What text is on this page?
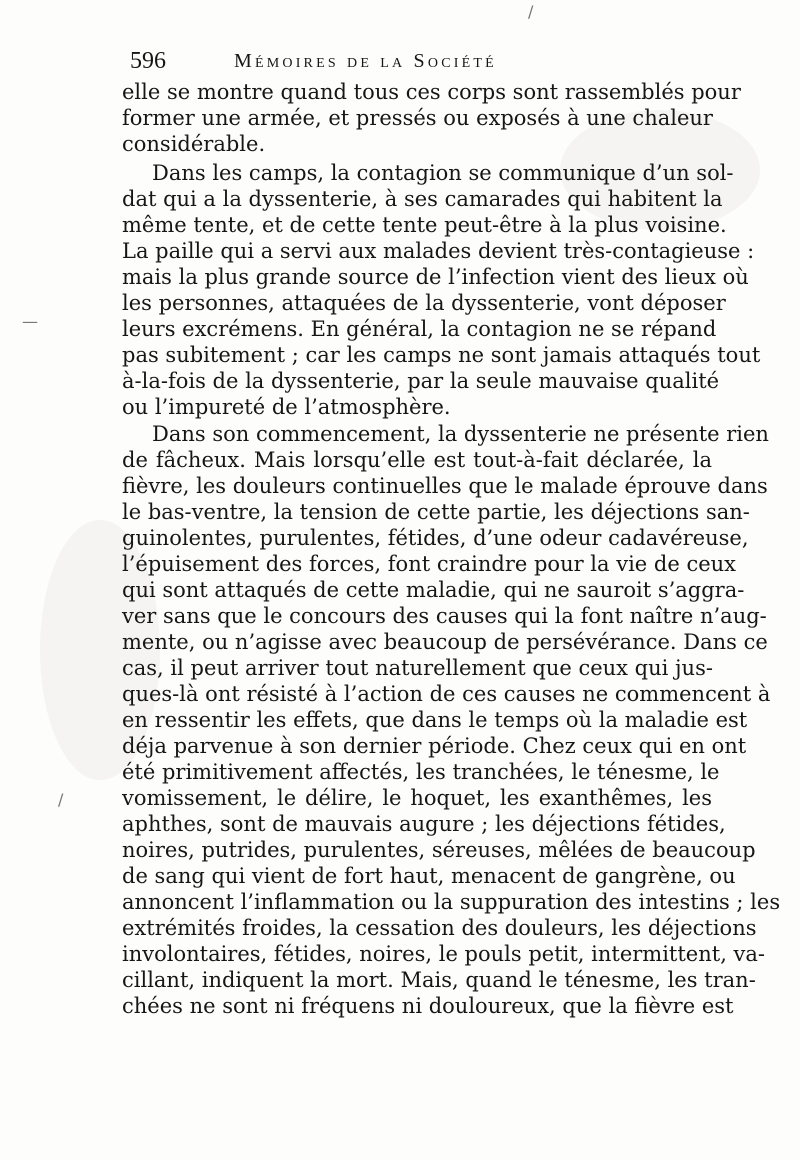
—
/
/
596	Mémoires de la Société
elle se montre quand tous ces corps sont rassemblés pour
former une armée, et pressés ou exposés à une chaleur
considérable.
Dans les camps, la contagion se communique d’un sol-
dat qui a la dyssenterie, à ses camarades qui habitent la
même tente, et de cette tente peut-être à la plus voisine.
La paille qui a servi aux malades devient très-contagieuse :
mais la plus grande source de l’infection vient des lieux où
les personnes, attaquées de la dyssenterie, vont déposer
leurs excrémens. En général, la contagion ne se répand
pas subitement ; car les camps ne sont jamais attaqués tout
à-la-fois de la dyssenterie, par la seule mauvaise qualité
ou l’impureté de l’atmosphère.
Dans son commencement, la dyssenterie ne présente rien
de fâcheux. Mais lorsqu’elle est tout-à-fait déclarée, la
fièvre, les douleurs continuelles que le malade éprouve dans
le bas-ventre, la tension de cette partie, les déjections san-
guinolentes, purulentes, fétides, d’une odeur cadavéreuse,
l’épuisement des forces, font craindre pour la vie de ceux
qui sont attaqués de cette maladie, qui ne sauroit s’aggra-
ver sans que le concours des causes qui la font naître n’aug-
mente, ou n’agisse avec beaucoup de persévérance. Dans ce
cas, il peut arriver tout naturellement que ceux qui jus-
ques-là ont résisté à l’action de ces causes ne commencent à
en ressentir les effets, que dans le temps où la maladie est
déja parvenue à son dernier période. Chez ceux qui en ont
été primitivement affectés, les tranchées, le ténesme, le
vomissement, le délire, le hoquet, les exanthêmes, les
aphthes, sont de mauvais augure ; les déjections fétides,
noires, putrides, purulentes, séreuses, mêlées de beaucoup
de sang qui vient de fort haut, menacent de gangrène, ou
annoncent l’inflammation ou la suppuration des intestins ; les
extrémités froides, la cessation des douleurs, les déjections
involontaires, fétides, noires, le pouls petit, intermittent, va-
cillant, indiquent la mort. Mais, quand le ténesme, les tran-
chées ne sont ni fréquens ni douloureux, que la fièvre est
